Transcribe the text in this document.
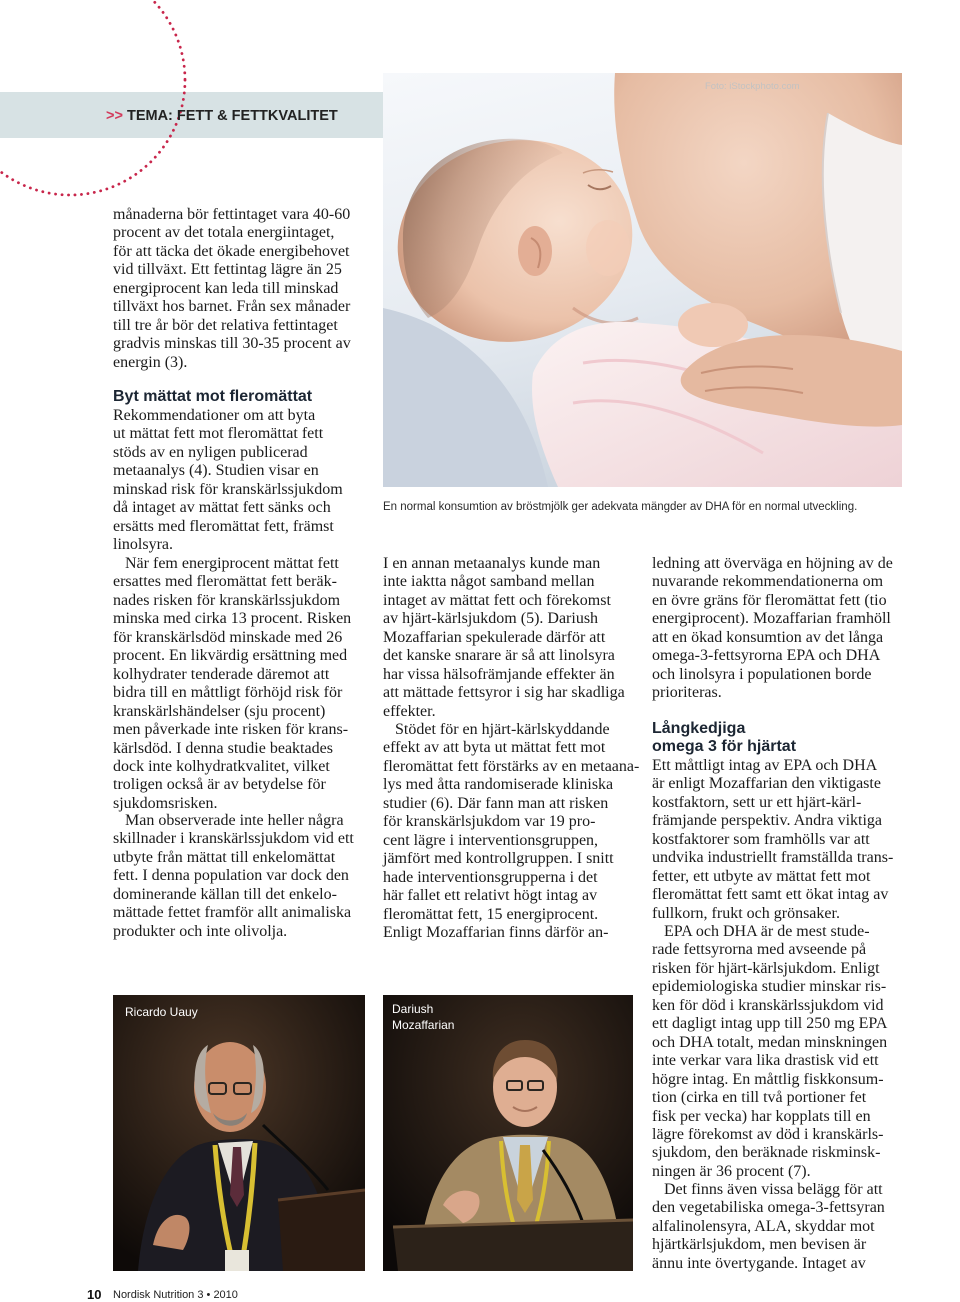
>> TEMA: FETT & FETTKVALITET
Foto: iStockphoto.com
En normal konsumtion av bröstmjölk ger adekvata mängder av DHA för en normal utveckling.
månaderna bör fettintaget vara 40-60
procent av det totala energiintaget,
för att täcka det ökade energibehovet
vid tillväxt. Ett fettintag lägre än 25
energiprocent kan leda till minskad
tillväxt hos barnet. Från sex månader
till tre år bör det relativa fettintaget
gradvis minskas till 30-35 procent av
energin (3).
Byt mättat mot fleromättat
Rekommendationer om att byta
ut mättat fett mot fleromättat fett
stöds av en nyligen publicerad
metaanalys (4). Studien visar en
minskad risk för kranskärlssjukdom
då intaget av mättat fett sänks och
ersätts med fleromättat fett, främst
linolsyra.
När fem energiprocent mättat fett
ersattes med fleromättat fett beräk-
nades risken för kranskärlssjukdom
minska med cirka 13 procent. Risken
för kranskärlsdöd minskade med 26
procent. En likvärdig ersättning med
kolhydrater tenderade däremot att
bidra till en måttligt förhöjd risk för
kranskärlshändelser (sju procent)
men påverkade inte risken för krans-
kärlsdöd. I denna studie beaktades
dock inte kolhydratkvalitet, vilket
troligen också är av betydelse för
sjukdomsrisken.
Man observerade inte heller några
skillnader i kranskärlssjukdom vid ett
utbyte från mättat till enkelomättat
fett. I denna population var dock den
dominerande källan till det enkelo-
mättade fettet framför allt animaliska
produkter och inte olivolja.
I en annan metaanalys kunde man
inte iaktta något samband mellan
intaget av mättat fett och förekomst
av hjärt-kärlsjukdom (5). Dariush
Mozaffarian spekulerade därför att
det kanske snarare är så att linolsyra
har vissa hälsofrämjande effekter än
att mättade fettsyror i sig har skadliga
effekter.
Stödet för en hjärt-kärlskyddande
effekt av att byta ut mättat fett mot
fleromättat fett förstärks av en metaana-
lys med åtta randomiserade kliniska
studier (6). Där fann man att risken
för kranskärlsjukdom var 19 pro-
cent lägre i interventionsgruppen,
jämfört med kontrollgruppen. I snitt
hade interventionsgrupperna i det
här fallet ett relativt högt intag av
fleromättat fett, 15 energiprocent.
Enligt Mozaffarian finns därför an-
ledning att överväga en höjning av de
nuvarande rekommendationerna om
en övre gräns för fleromättat fett (tio
energiprocent). Mozaffarian framhöll
att en ökad konsumtion av det långa
omega-3-fettsyrorna EPA och DHA
och linolsyra i populationen borde
prioriteras.
Långkedjiga
omega 3 för hjärtat
Ett måttligt intag av EPA och DHA
är enligt Mozaffarian den viktigaste
kostfaktorn, sett ur ett hjärt-kärl-
främjande perspektiv. Andra viktiga
kostfaktorer som framhölls var att
undvika industriellt framställda trans-
fetter, ett utbyte av mättat fett mot
fleromättat fett samt ett ökat intag av
fullkorn, frukt och grönsaker.
EPA och DHA är de mest stude-
rade fettsyrorna med avseende på
risken för hjärt-kärlsjukdom. Enligt
epidemiologiska studier minskar ris-
ken för död i kranskärlssjukdom vid
ett dagligt intag upp till 250 mg EPA
och DHA totalt, medan minskningen
inte verkar vara lika drastisk vid ett
högre intag. En måttlig fiskkonsum-
tion (cirka en till två portioner fet
fisk per vecka) har kopplats till en
lägre förekomst av död i kranskärls-
sjukdom, den beräknade riskminsk-
ningen är 36 procent (7).
Det finns även vissa belägg för att
den vegetabiliska omega-3-fettsyran
alfalinolensyra, ALA, skyddar mot
hjärtkärlsjukdom, men bevisen är
ännu inte övertygande. Intaget av
Ricardo Uauy	Dariush
Mozaffarian
10 Nordisk Nutrition 3 • 2010
